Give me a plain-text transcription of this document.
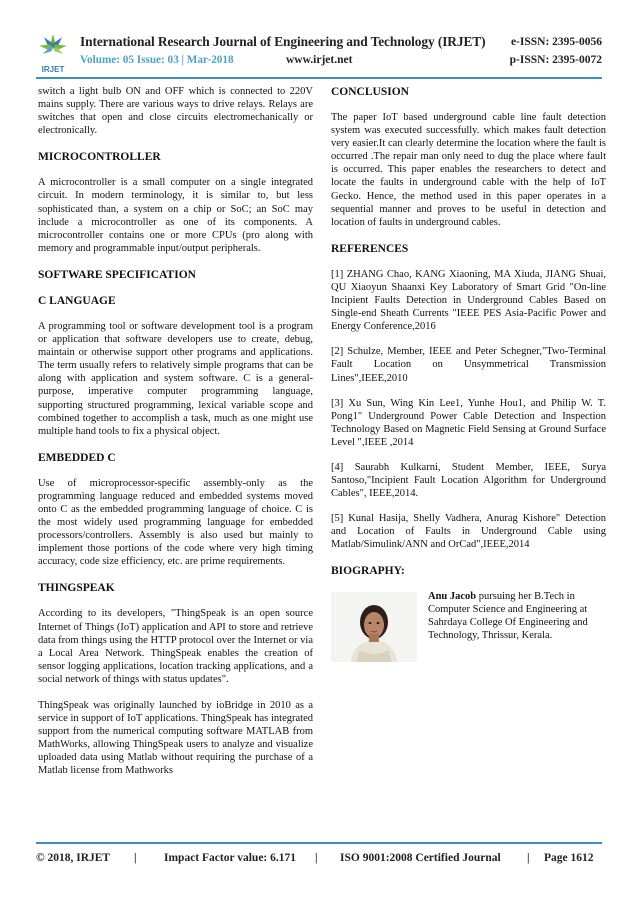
IRJET
International Research Journal of Engineering and Technology (IRJET) e-ISSN: 2395-0056
Volume: 05 Issue: 03 | Mar-2018	www.irjet.net	p-ISSN: 2395-0072

switch a light bulb ON and OFF which is connected to 220V mains supply. There are various ways to drive relays. Relays are switches that open and close circuits electromechanically or electronically.

MICROCONTROLLER

A microcontroller is a small computer on a single integrated circuit. In modern terminology, it is similar to, but less sophisticated than, a system on a chip or SoC; an SoC may include a microcontroller as one of its components. A microcontroller contains one or more CPUs (pro along with memory and programmable input/output peripherals.

SOFTWARE SPECIFICATION
C LANGUAGE

A programming tool or software development tool is a program or application that software developers use to create, debug, maintain or otherwise support other programs and applications. The term usually refers to relatively simple programs that can be along with application and system software. C is a general-purpose, imperative computer programming language, supporting structured programming, lexical variable scope and combined together to accomplish a task, much as one might use multiple hand tools to fix a physical object.

EMBEDDED C

Use of microprocessor-specific assembly-only as the programming language reduced and embedded systems moved onto C as the embedded programming language of choice. C is the most widely used programming language for embedded processors/controllers. Assembly is also used but mainly to implement those portions of the code where very high timing accuracy, code size efficiency, etc. are prime requirements.

THINGSPEAK

According to its developers, "ThingSpeak is an open source Internet of Things (IoT) application and API to store and retrieve data from things using the HTTP protocol over the Internet or via a Local Area Network. ThingSpeak enables the creation of sensor logging applications, location tracking applications, and a social network of things with status updates".

ThingSpeak was originally launched by ioBridge in 2010 as a service in support of IoT applications. ThingSpeak has integrated support from the numerical computing software MATLAB from MathWorks, allowing ThingSpeak users to analyze and visualize uploaded data using Matlab without requiring the purchase of a Matlab license from Mathworks

CONCLUSION

The paper IoT based underground cable line fault detection system was executed successfully. which makes fault detection very easier.It can clearly determine the location where the fault is occurred .The repair man only need to dug the place where fault is occurred. This paper enables the researchers to detect and locate the faults in underground cable with the help of IoT Gecko. Hence, the method used in this paper operates in a sequential manner and proves to be useful in detection and location of faults in underground cables.

REFERENCES

[1] ZHANG Chao, KANG Xiaoning, MA Xiuda, JIANG Shuai, QU Xiaoyun Shaanxi Key Laboratory of Smart Grid "On-line Incipient Faults Detection in Underground Cables Based on Single-end Sheath Currents "IEEE PES Asia-Pacific Power and Energy Conference,2016

[2] Schulze, Member, IEEE and Peter Schegner,"Two-Terminal Fault Location on Unsymmetrical Transmission Lines",IEEE,2010

[3] Xu Sun, Wing Kin Lee1, Yunhe Hou1, and Philip W. T. Pong1" Underground Power Cable Detection and Inspection Technology Based on Magnetic Field Sensing at Ground Surface Level ",IEEE ,2014

[4] Saurabh Kulkarni, Student Member, IEEE, Surya Santoso,"Incipient Fault Location Algorithm for Underground Cables", IEEE,2014.

[5] Kunal Hasija, Shelly Vadhera, Anurag Kishore" Detection and Location of Faults in Underground Cable using Matlab/Simulink/ANN and OrCad",IEEE,2014

BIOGRAPHY:
Anu Jacob pursuing her B.Tech in Computer Science and Engineering at Sahrdaya College Of Engineering and Technology, Thrissur, Kerala.
© 2018, IRJET | Impact Factor value: 6.171 | ISO 9001:2008 Certified Journal | Page 1612
